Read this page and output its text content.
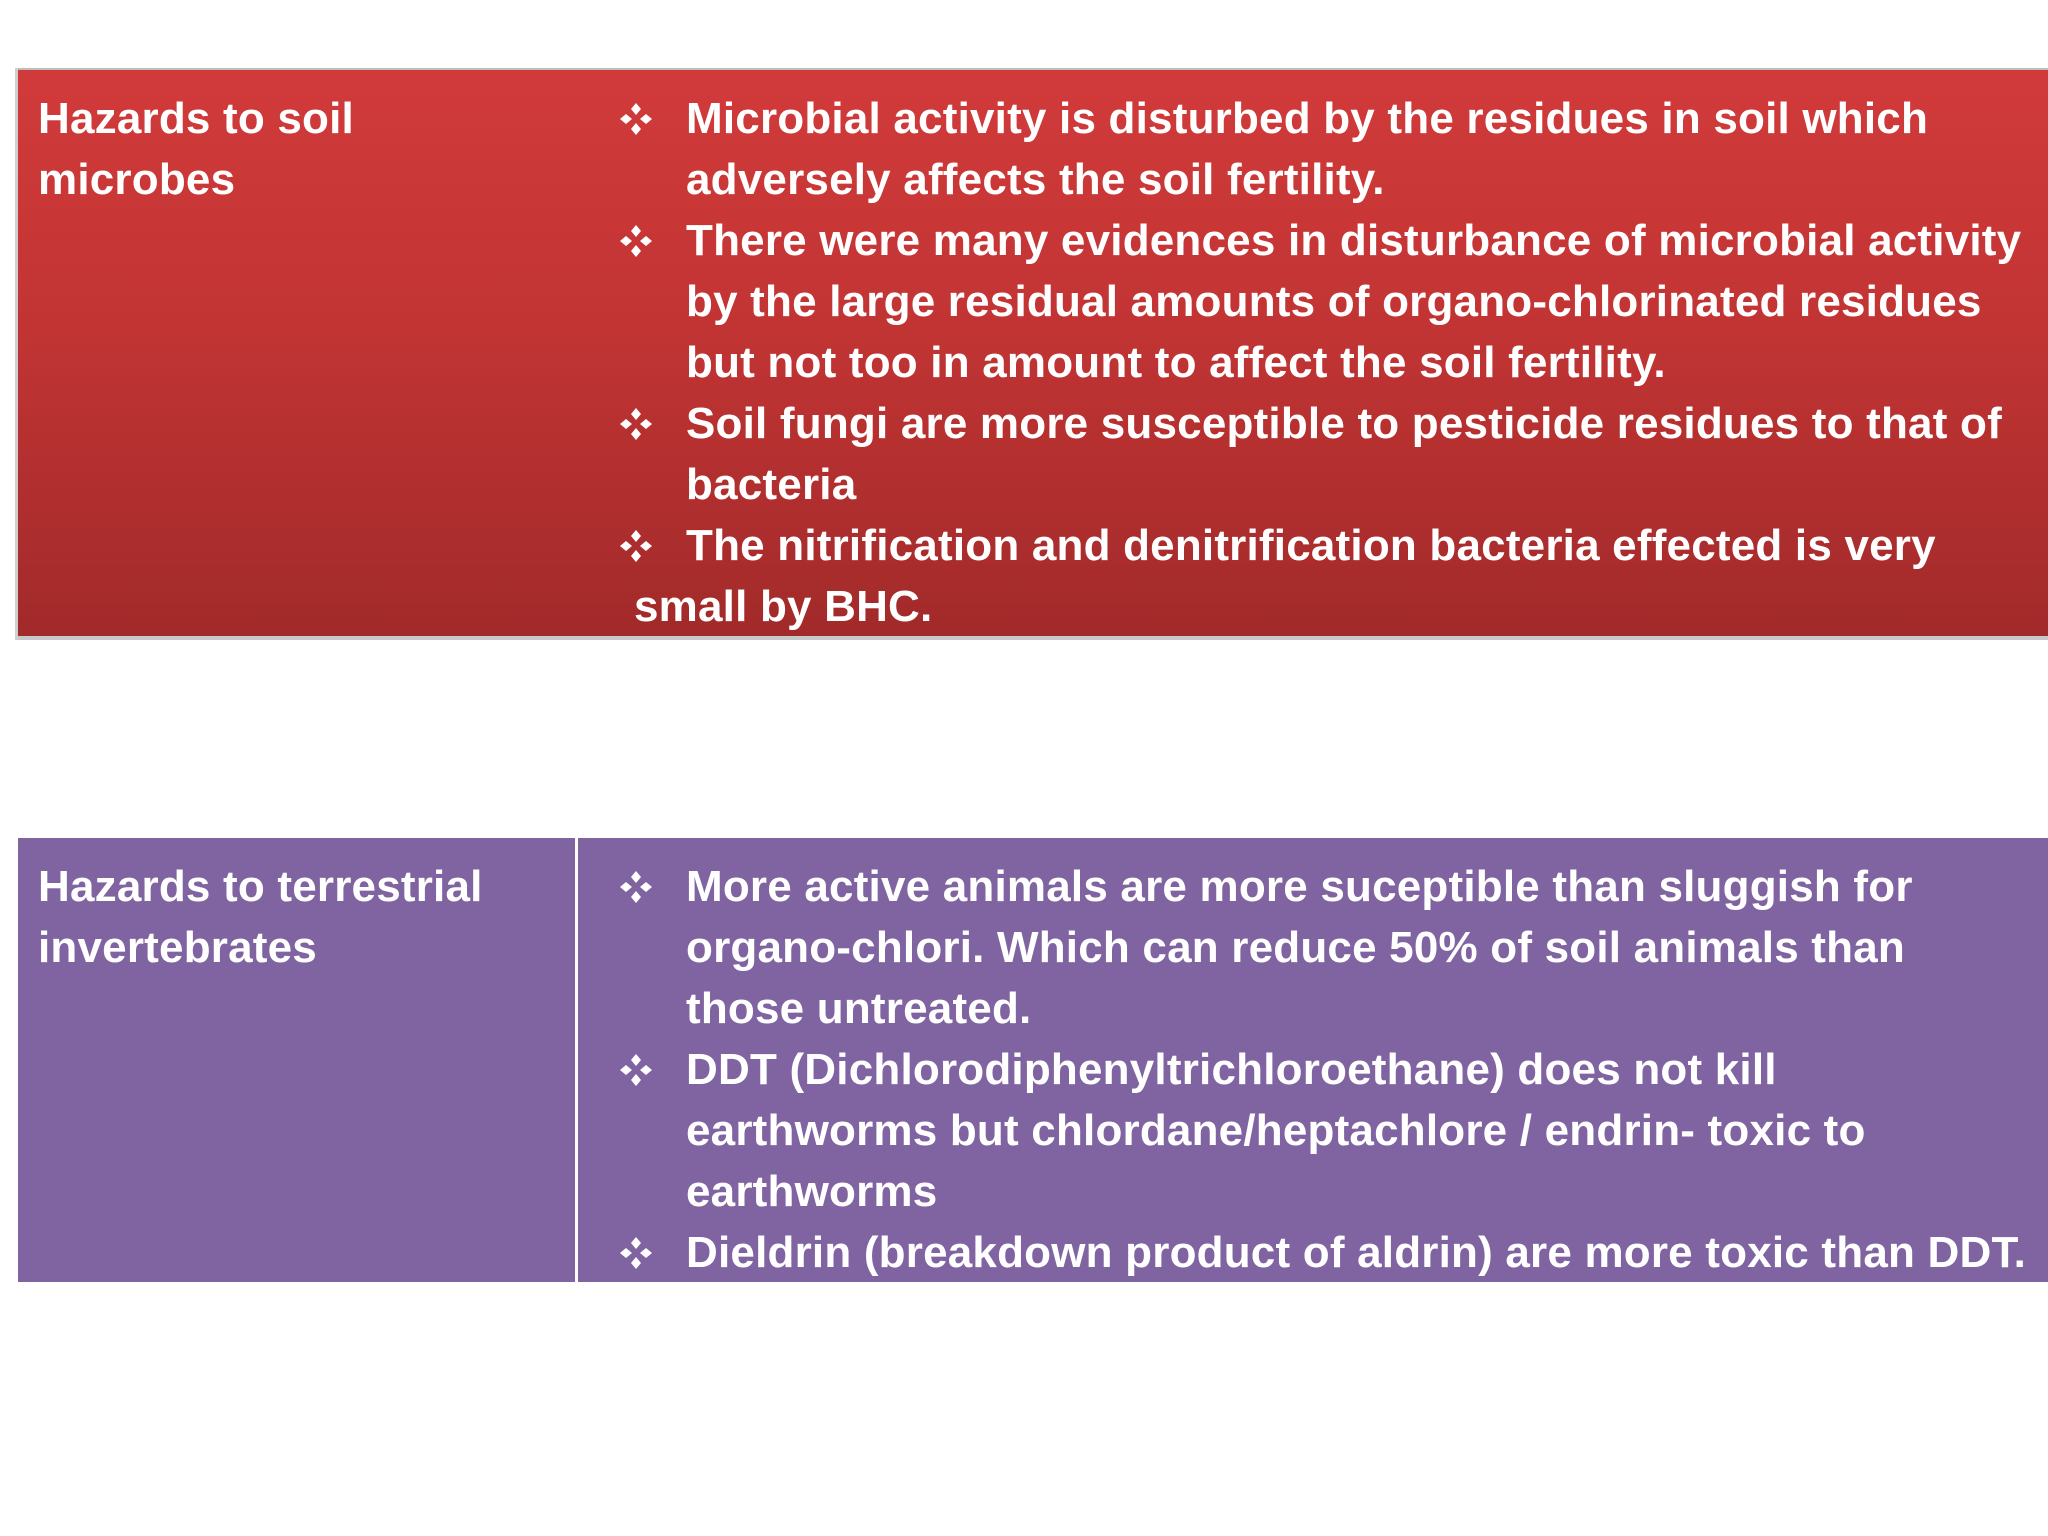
Hazards to soil microbes
Microbial activity is disturbed by the residues in soil which adversely affects the soil fertility.
There were many evidences in disturbance of microbial activity by the large residual amounts of organo-chlorinated residues but not too in amount to affect the soil fertility.
Soil fungi are more susceptible to pesticide residues to that of bacteria
The nitrification and denitrification bacteria effected is very
small by BHC.
Hazards to terrestrial invertebrates
More active animals are more suceptible than sluggish for organo-chlori. Which can reduce 50% of soil animals than those untreated.
DDT (Dichlorodiphenyltrichloroethane) does not kill earthworms but chlordane/heptachlore / endrin- toxic to earthworms
Dieldrin (breakdown product of aldrin) are more toxic than DDT.
